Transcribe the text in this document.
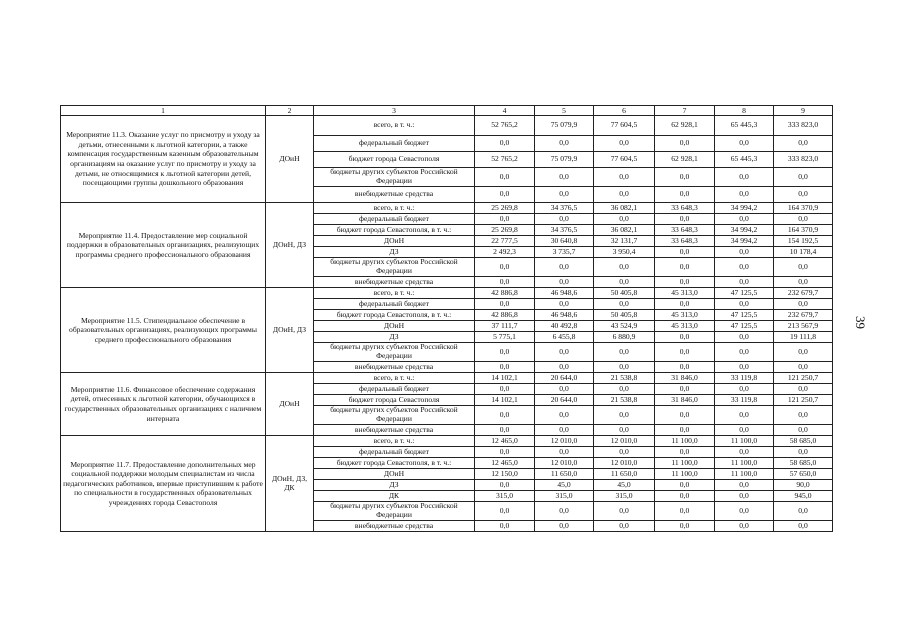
39
1	2	3	4	5	6	7	8	9
Мероприятие 11.3. Оказание услуг по присмотру и уходу за детьми, отнесенными к льготной категории, а также компенсация государственным казенным образовательным организациям на оказание услуг по присмотру и уходу за детьми, не относящимися к льготной категории детей, посещающими группы дошкольного образования	ДОиН	всего, в т. ч.:	52 765,2	75 079,9	77 604,5	62 928,1	65 445,3	333 823,0
		федеральный бюджет	0,0	0,0	0,0	0,0	0,0	0,0
		бюджет города Севастополя	52 765,2	75 079,9	77 604,5	62 928,1	65 445,3	333 823,0
		бюджеты других субъектов Российской Федерации	0,0	0,0	0,0	0,0	0,0	0,0
		внебюджетные средства	0,0	0,0	0,0	0,0	0,0	0,0
Мероприятие 11.4. Предоставление мер социальной поддержки в образовательных организациях, реализующих программы среднего профессионального образования	ДОиН, ДЗ	всего, в т. ч.:	25 269,8	34 376,5	36 082,1	33 648,3	34 994,2	164 370,9
		федеральный бюджет	0,0	0,0	0,0	0,0	0,0	0,0
		бюджет города Севастополя, в т. ч.:	25 269,8	34 376,5	36 082,1	33 648,3	34 994,2	164 370,9
		ДОиН	22 777,5	30 640,8	32 131,7	33 648,3	34 994,2	154 192,5
		ДЗ	2 492,3	3 735,7	3 950,4	0,0	0,0	10 178,4
		бюджеты других субъектов Российской Федерации	0,0	0,0	0,0	0,0	0,0	0,0
		внебюджетные средства	0,0	0,0	0,0	0,0	0,0	0,0
Мероприятие 11.5. Стипендиальное обеспечение в образовательных организациях, реализующих программы среднего профессионального образования	ДОиН, ДЗ	всего, в т. ч.:	42 886,8	46 948,6	50 405,8	45 313,0	47 125,5	232 679,7
		федеральный бюджет	0,0	0,0	0,0	0,0	0,0	0,0
		бюджет города Севастополя, в т. ч.:	42 886,8	46 948,6	50 405,8	45 313,0	47 125,5	232 679,7
		ДОиН	37 111,7	40 492,8	43 524,9	45 313,0	47 125,5	213 567,9
		ДЗ	5 775,1	6 455,8	6 880,9	0,0	0,0	19 111,8
		бюджеты других субъектов Российской Федерации	0,0	0,0	0,0	0,0	0,0	0,0
		внебюджетные средства	0,0	0,0	0,0	0,0	0,0	0,0
Мероприятие 11.6. Финансовое обеспечение содержания детей, отнесенных к льготной категории, обучающихся в государственных образовательных организациях с наличием интерната	ДОиН	всего, в т. ч.:	14 102,1	20 644,0	21 538,8	31 846,0	33 119,8	121 250,7
		федеральный бюджет	0,0	0,0	0,0	0,0	0,0	0,0
		бюджет города Севастополя	14 102,1	20 644,0	21 538,8	31 846,0	33 119,8	121 250,7
		бюджеты других субъектов Российской Федерации	0,0	0,0	0,0	0,0	0,0	0,0
		внебюджетные средства	0,0	0,0	0,0	0,0	0,0	0,0
Мероприятие 11.7. Предоставление дополнительных мер социальной поддержки молодым специалистам из числа педагогических работников, впервые приступившим к работе по специальности в государственных образовательных учреждениях города Севастополя	ДОиН, ДЗ, ДК	всего, в т. ч.:	12 465,0	12 010,0	12 010,0	11 100,0	11 100,0	58 685,0
		федеральный бюджет	0,0	0,0	0,0	0,0	0,0	0,0
		бюджет города Севастополя, в т. ч.:	12 465,0	12 010,0	12 010,0	11 100,0	11 100,0	58 685,0
		ДОиН	12 150,0	11 650,0	11 650,0	11 100,0	11 100,0	57 650,0
		ДЗ	0,0	45,0	45,0	0,0	0,0	90,0
		ДК	315,0	315,0	315,0	0,0	0,0	945,0
		бюджеты других субъектов Российской Федерации	0,0	0,0	0,0	0,0	0,0	0,0
		внебюджетные средства	0,0	0,0	0,0	0,0	0,0	0,0
